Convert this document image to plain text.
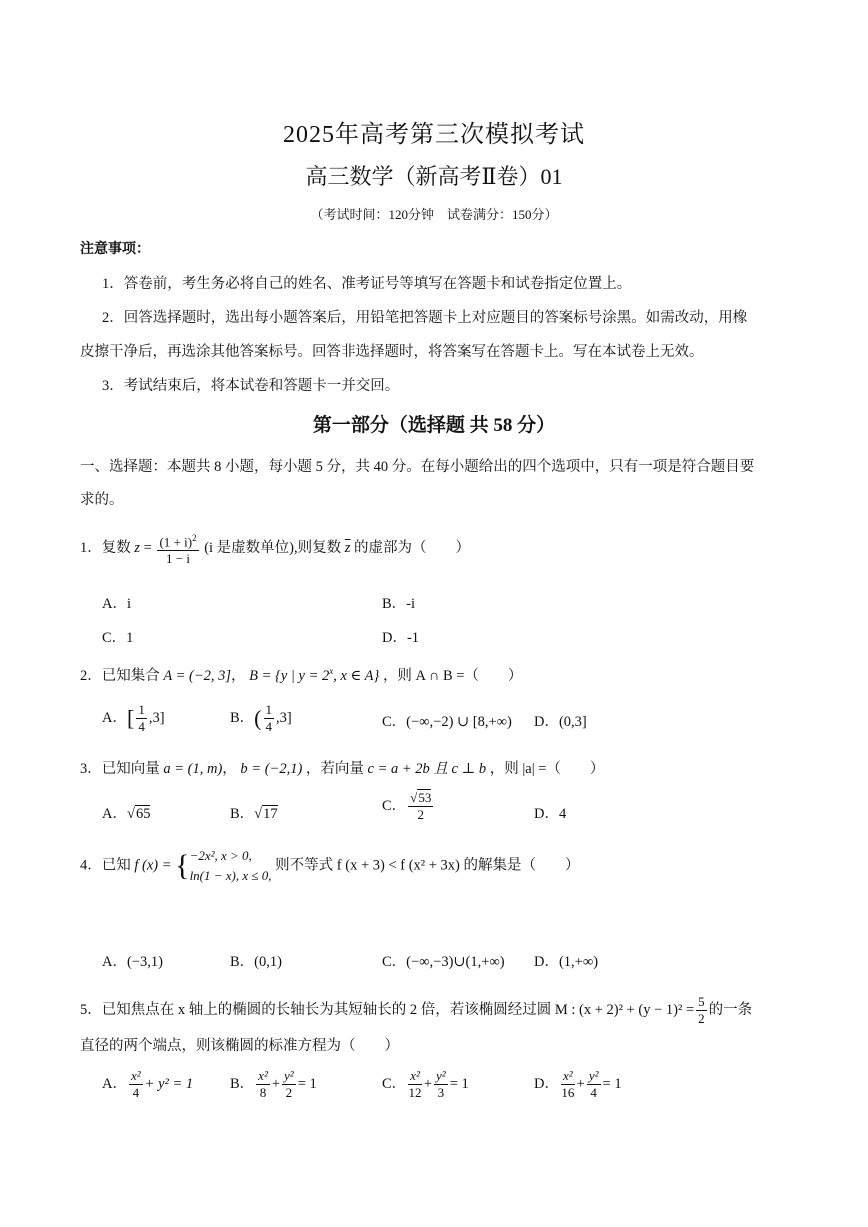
2025年高考第三次模拟考试
高三数学（新高考Ⅱ卷）01
（考试时间：120分钟　试卷满分：150分）
注意事项：
1．答卷前，考生务必将自己的姓名、准考证号等填写在答题卡和试卷指定位置上。
2．回答选择题时，选出每小题答案后，用铅笔把答题卡上对应题目的答案标号涂黑。如需改动，用橡
皮擦干净后，再选涂其他答案标号。回答非选择题时，将答案写在答题卡上。写在本试卷上无效。
3．考试结束后，将本试卷和答题卡一并交回。
第一部分（选择题 共 58 分）
一、选择题：本题共 8 小题，每小题 5 分，共 40 分。在每小题给出的四个选项中，只有一项是符合题目要
求的。
1．复数 $z = \frac{(1 + i)^2}{1 - i} (i$ 是虚数单位),则复数 $\overline{z}$ 的虚部为（　　）
A．i	B．-i
C．1	D．-1
2．已知集合 A = (−2, 3]， B = {y | $y = 2^x$, x ∈ A} ，则 A ∩ B =（　　）
A．[ $\frac{1}{4} ,3$]	B．( $\frac{1}{4} ,3$]	C．(−∞,−2) ∪ [8,+∞) D．(0,3]
3．已知向量 a = (1, m)， b = (−2,1) ，若向量 c = a + 2b 且 c ⊥ b ，则 |a| =（　　）
A．√65	B．√17
C． $\frac{√53}{2}$	D．4
4．已知 f (x) = { −2x², x > 0,
ln(1 − x), x ≤ 0,
则不等式 f (x + 3) < f (x² + 3x) 的解集是（　　）
A．(−3,1)	B．(0,1)	C．(−∞,−3)∪(1,+∞) D．(1,+∞)
5．已知焦点在 x 轴上的椭圆的长轴长为其短轴长的 2 倍，若该椭圆经过圆 M : $(x + 2)^2 + (y - 1)^2 = \frac{5}{2}$ 的一条
直径的两个端点，则该椭圆的标准方程为（　　）
A． $\frac{\text{x²}}{4} + y^2 = 1$	B． $\frac{\text{x²}}{8} + \frac{\text{y²}}{2} = 1$	C． $\frac{\text{x²}}{12} + \frac{\text{y²}}{3} = 1$	D． $\frac{\text{x²}}{16} + \frac{\text{y²}}{4} = 1$
